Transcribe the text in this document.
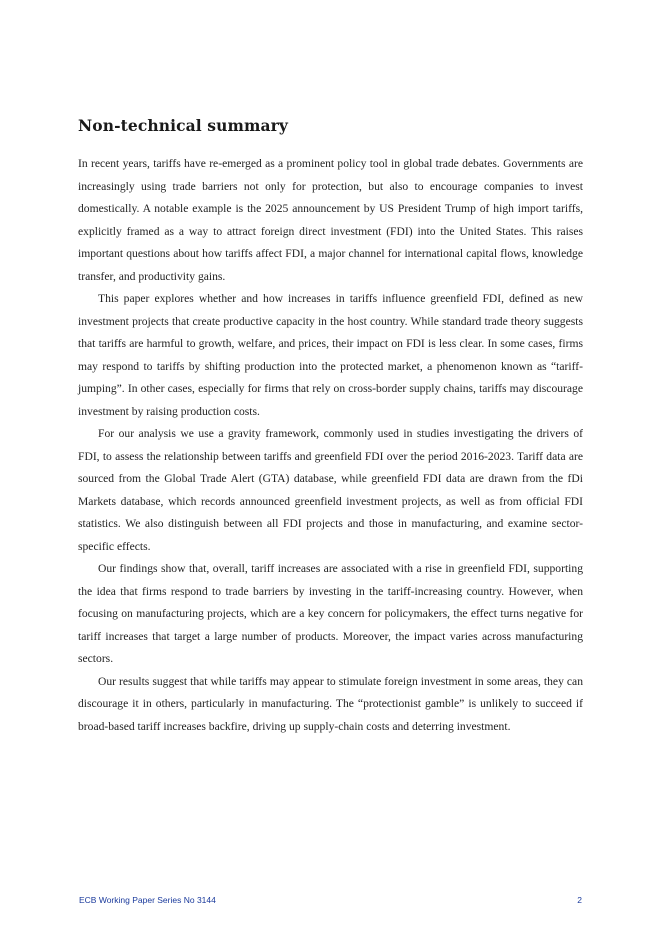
Non-technical summary

In recent years, tariffs have re-emerged as a prominent policy tool in global trade debates. Governments are increasingly using trade barriers not only for protection, but also to encourage companies to invest domestically. A notable example is the 2025 announcement by US President Trump of high import tariffs, explicitly framed as a way to attract foreign direct investment (FDI) into the United States. This raises important questions about how tariffs affect FDI, a major channel for international capital flows, knowledge transfer, and productivity gains.

This paper explores whether and how increases in tariffs influence greenfield FDI, defined as new investment projects that create productive capacity in the host country. While standard trade theory suggests that tariffs are harmful to growth, welfare, and prices, their impact on FDI is less clear. In some cases, firms may respond to tariffs by shifting production into the protected market, a phenomenon known as “tariff-jumping”. In other cases, especially for firms that rely on cross-border supply chains, tariffs may discourage investment by raising production costs.

For our analysis we use a gravity framework, commonly used in studies investigating the drivers of FDI, to assess the relationship between tariffs and greenfield FDI over the period 2016-2023. Tariff data are sourced from the Global Trade Alert (GTA) database, while greenfield FDI data are drawn from the fDi Markets database, which records announced greenfield investment projects, as well as from official FDI statistics. We also distinguish between all FDI projects and those in manufacturing, and examine sector-specific effects.

Our findings show that, overall, tariff increases are associated with a rise in greenfield FDI, supporting the idea that firms respond to trade barriers by investing in the tariff-increasing country. However, when focusing on manufacturing projects, which are a key concern for policymakers, the effect turns negative for tariff increases that target a large number of products. Moreover, the impact varies across manufacturing sectors.

Our results suggest that while tariffs may appear to stimulate foreign investment in some areas, they can discourage it in others, particularly in manufacturing. The “protectionist gamble” is unlikely to succeed if broad-based tariff increases backfire, driving up supply-chain costs and deterring investment.

ECB Working Paper Series No 3144	2
